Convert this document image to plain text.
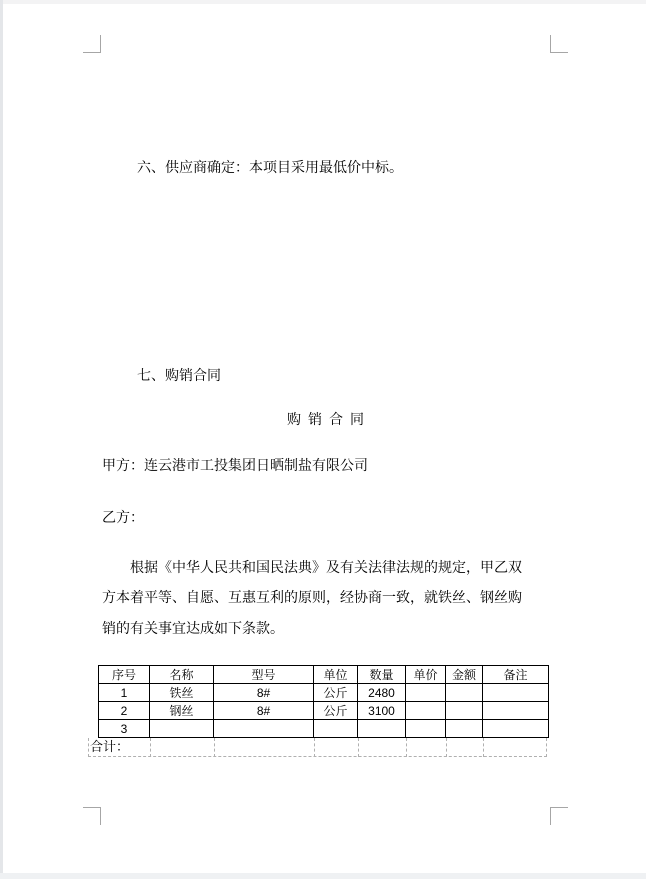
六、供应商确定：本项目采用最低价中标。
七、购销合同
购销合同
甲方：连云港市工投集团日晒制盐有限公司
乙方：
根据《中华人民共和国民法典》及有关法律法规的规定，甲乙双
方本着平等、自愿、互惠互利的原则，经协商一致，就铁丝、钢丝购
销的有关事宜达成如下条款。
序号	名称	型号	单位	数量	单价	金额	备注
1	铁丝	8#	公斤	2480			
2	钢丝	8#	公斤	3100			
3							
合计：
